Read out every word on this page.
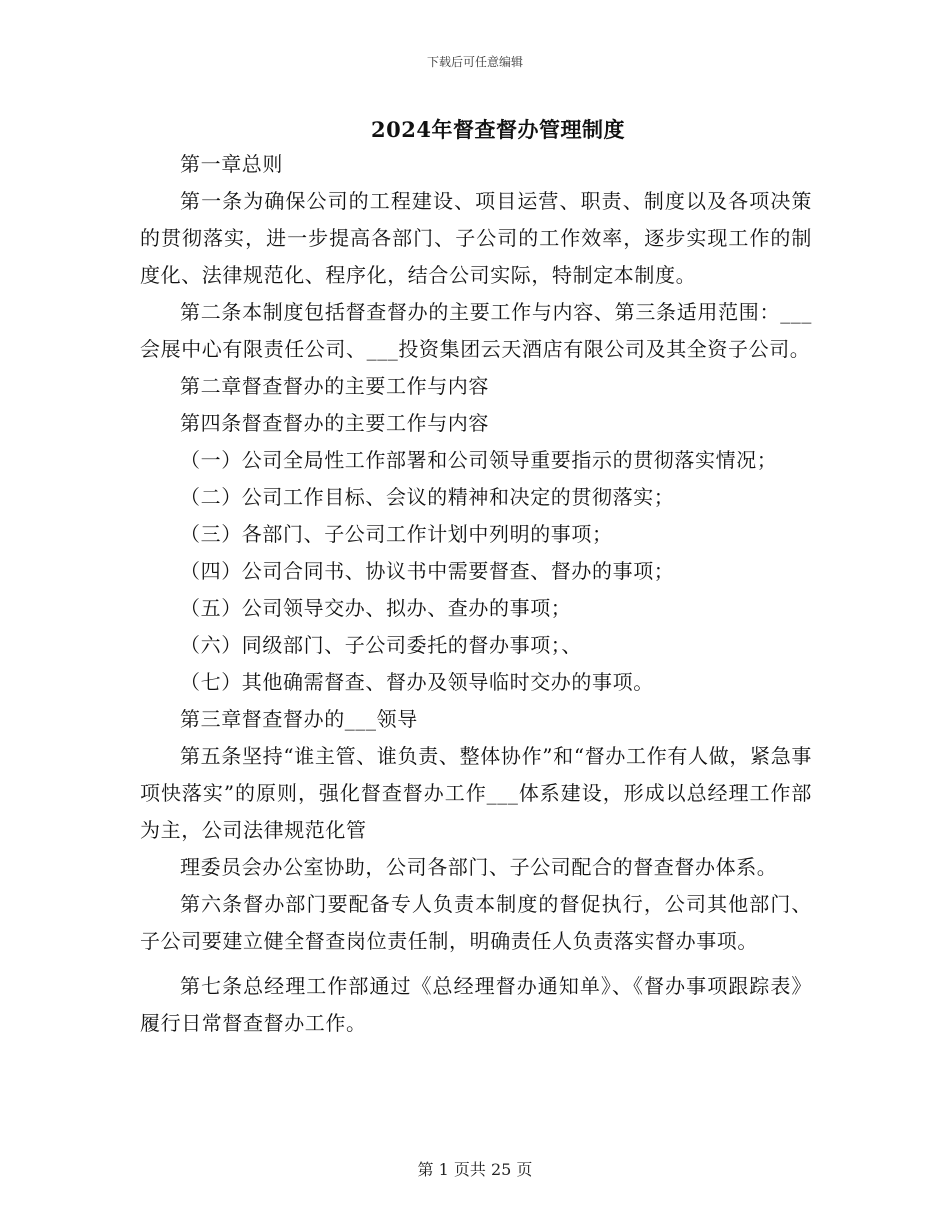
下载后可任意编辑
2024年督查督办管理制度

第一章总则

第一条为确保公司的工程建设、项目运营、职责、制度以及各项决策的贯彻落实，进一步提高各部门、子公司的工作效率，逐步实现工作的制度化、法律规范化、程序化，结合公司实际，特制定本制度。

第二条本制度包括督查督办的主要工作与内容、第三条适用范围：___会展中心有限责任公司、___投资集团云天酒店有限公司及其全资子公司。

第二章督查督办的主要工作与内容

第四条督查督办的主要工作与内容

（一）公司全局性工作部署和公司领导重要指示的贯彻落实情况；

（二）公司工作目标、会议的精神和决定的贯彻落实；

（三）各部门、子公司工作计划中列明的事项；

（四）公司合同书、协议书中需要督查、督办的事项；

（五）公司领导交办、拟办、查办的事项；

（六）同级部门、子公司委托的督办事项；、

（七）其他确需督查、督办及领导临时交办的事项。

第三章督查督办的___领导

第五条坚持“谁主管、谁负责、整体协作”和“督办工作有人做，紧急事项快落实”的原则，强化督查督办工作___体系建设，形成以总经理工作部为主，公司法律规范化管

理委员会办公室协助，公司各部门、子公司配合的督查督办体系。

第六条督办部门要配备专人负责本制度的督促执行，公司其他部门、子公司要建立健全督查岗位责任制，明确责任人负责落实督办事项。

第七条总经理工作部通过《总经理督办通知单》、《督办事项跟踪表》履行日常督查督办工作。

第 1 页共 25 页
